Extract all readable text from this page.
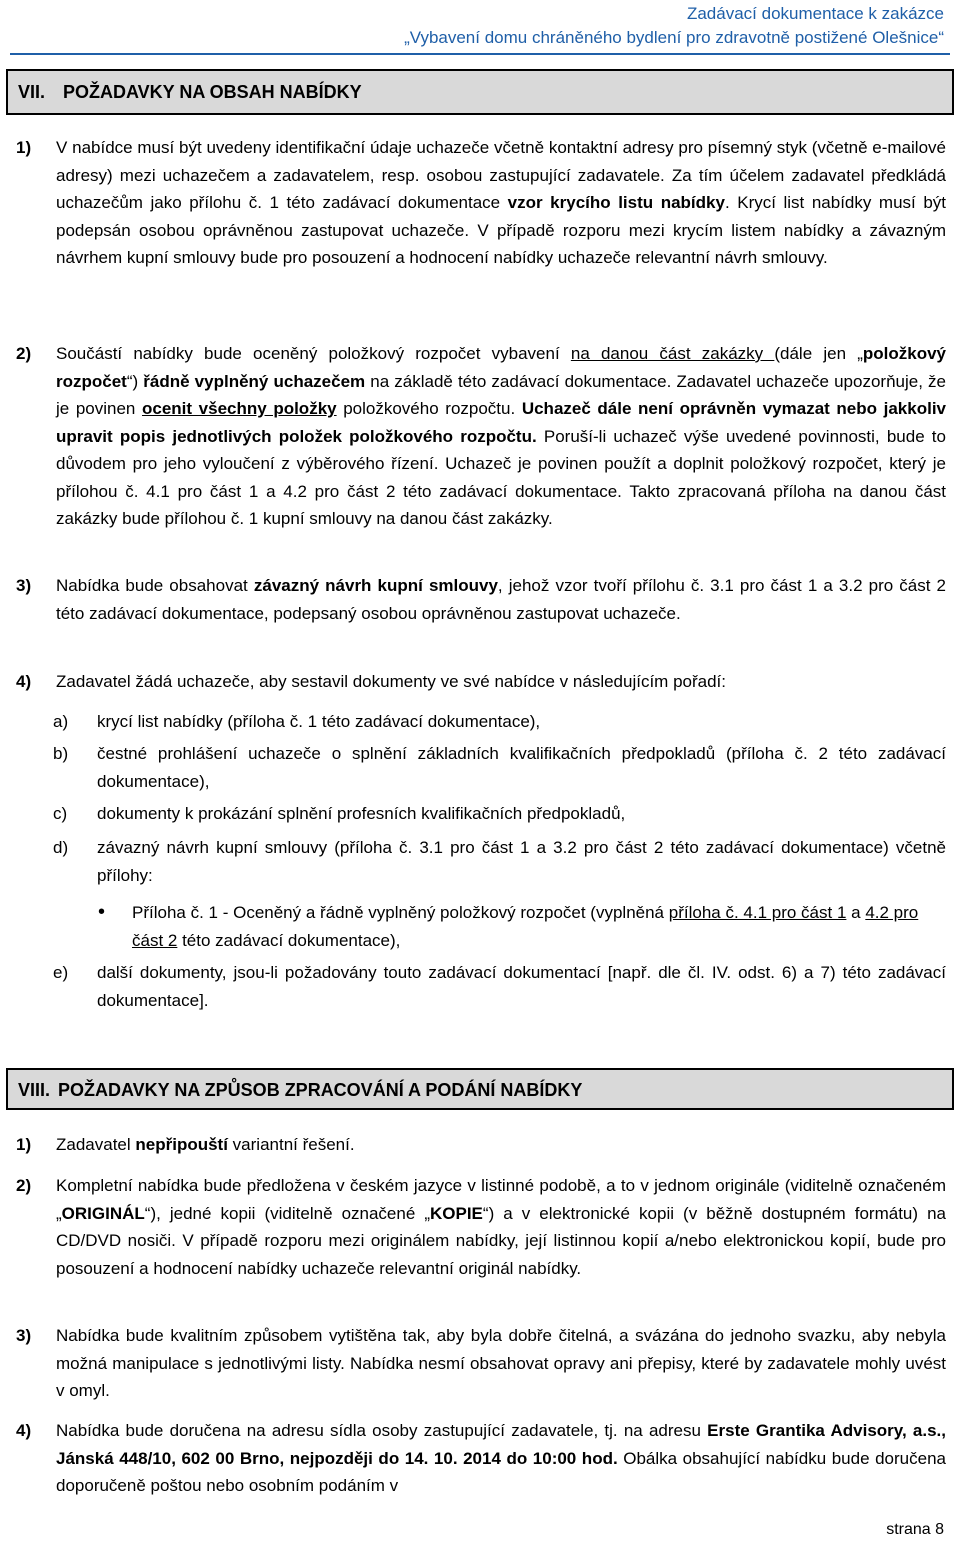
Zadávací dokumentace k zakázce
„Vybavení domu chráněného bydlení pro zdravotně postižené Olešnice“
VII. POŽADAVKY NA OBSAH NABÍDKY
1) V nabídce musí být uvedeny identifikační údaje uchazeče včetně kontaktní adresy pro písemný styk (včetně e-mailové adresy) mezi uchazečem a zadavatelem, resp. osobou zastupující zadavatele. Za tím účelem zadavatel předkládá uchazečům jako přílohu č. 1 této zadávací dokumentace vzor krycího listu nabídky. Krycí list nabídky musí být podepsán osobou oprávněnou zastupovat uchazeče. V případě rozporu mezi krycím listem nabídky a závazným návrhem kupní smlouvy bude pro posouzení a hodnocení nabídky uchazeče relevantní návrh smlouvy.
2) Součástí nabídky bude oceněný položkový rozpočet vybavení na danou část zakázky (dále jen „položkový rozpočet“) řádně vyplněný uchazečem na základě této zadávací dokumentace. Zadavatel uchazeče upozorňuje, že je povinen ocenit všechny položky položkového rozpočtu. Uchazeč dále není oprávněn vymazat nebo jakkoliv upravit popis jednotlivých položek položkového rozpočtu. Poruší-li uchazeč výše uvedené povinnosti, bude to důvodem pro jeho vyloučení z výběrového řízení. Uchazeč je povinen použít a doplnit položkový rozpočet, který je přílohou č. 4.1 pro část 1 a 4.2 pro část 2 této zadávací dokumentace. Takto zpracovaná příloha na danou část zakázky bude přílohou č. 1 kupní smlouvy na danou část zakázky.
3) Nabídka bude obsahovat závazný návrh kupní smlouvy, jehož vzor tvoří přílohu č. 3.1 pro část 1 a 3.2 pro část 2 této zadávací dokumentace, podepsaný osobou oprávněnou zastupovat uchazeče.
4) Zadavatel žádá uchazeče, aby sestavil dokumenty ve své nabídce v následujícím pořadí:
a) krycí list nabídky (příloha č. 1 této zadávací dokumentace),
b) čestné prohlášení uchazeče o splnění základních kvalifikačních předpokladů (příloha č. 2 této zadávací dokumentace),
c) dokumenty k prokázání splnění profesních kvalifikačních předpokladů,
d) závazný návrh kupní smlouvy (příloha č. 3.1 pro část 1 a 3.2 pro část 2 této zadávací dokumentace) včetně přílohy:
• Příloha č. 1 - Oceněný a řádně vyplněný položkový rozpočet (vyplněná příloha č. 4.1 pro část 1 a 4.2 pro část 2 této zadávací dokumentace),
e) další dokumenty, jsou-li požadovány touto zadávací dokumentací [např. dle čl. IV. odst. 6) a 7) této zadávací dokumentace].
VIII. POŽADAVKY NA ZPŮSOB ZPRACOVÁNÍ A PODÁNÍ NABÍDKY
1) Zadavatel nepřipouští variantní řešení.
2) Kompletní nabídka bude předložena v českém jazyce v listinné podobě, a to v jednom originále (viditelně označeném „ORIGINÁL“), jedné kopii (viditelně označené „KOPIE“) a v elektronické kopii (v běžně dostupném formátu) na CD/DVD nosiči. V případě rozporu mezi originálem nabídky, její listinnou kopií a/nebo elektronickou kopií, bude pro posouzení a hodnocení nabídky uchazeče relevantní originál nabídky.
3) Nabídka bude kvalitním způsobem vytištěna tak, aby byla dobře čitelná, a svázána do jednoho svazku, aby nebyla možná manipulace s jednotlivými listy. Nabídka nesmí obsahovat opravy ani přepisy, které by zadavatele mohly uvést v omyl.
4) Nabídka bude doručena na adresu sídla osoby zastupující zadavatele, tj. na adresu Erste Grantika Advisory, a.s., Jánská 448/10, 602 00 Brno, nejpozději do 14. 10. 2014 do 10:00 hod. Obálka obsahující nabídku bude doručena doporučeně poštou nebo osobním podáním v
strana 8
